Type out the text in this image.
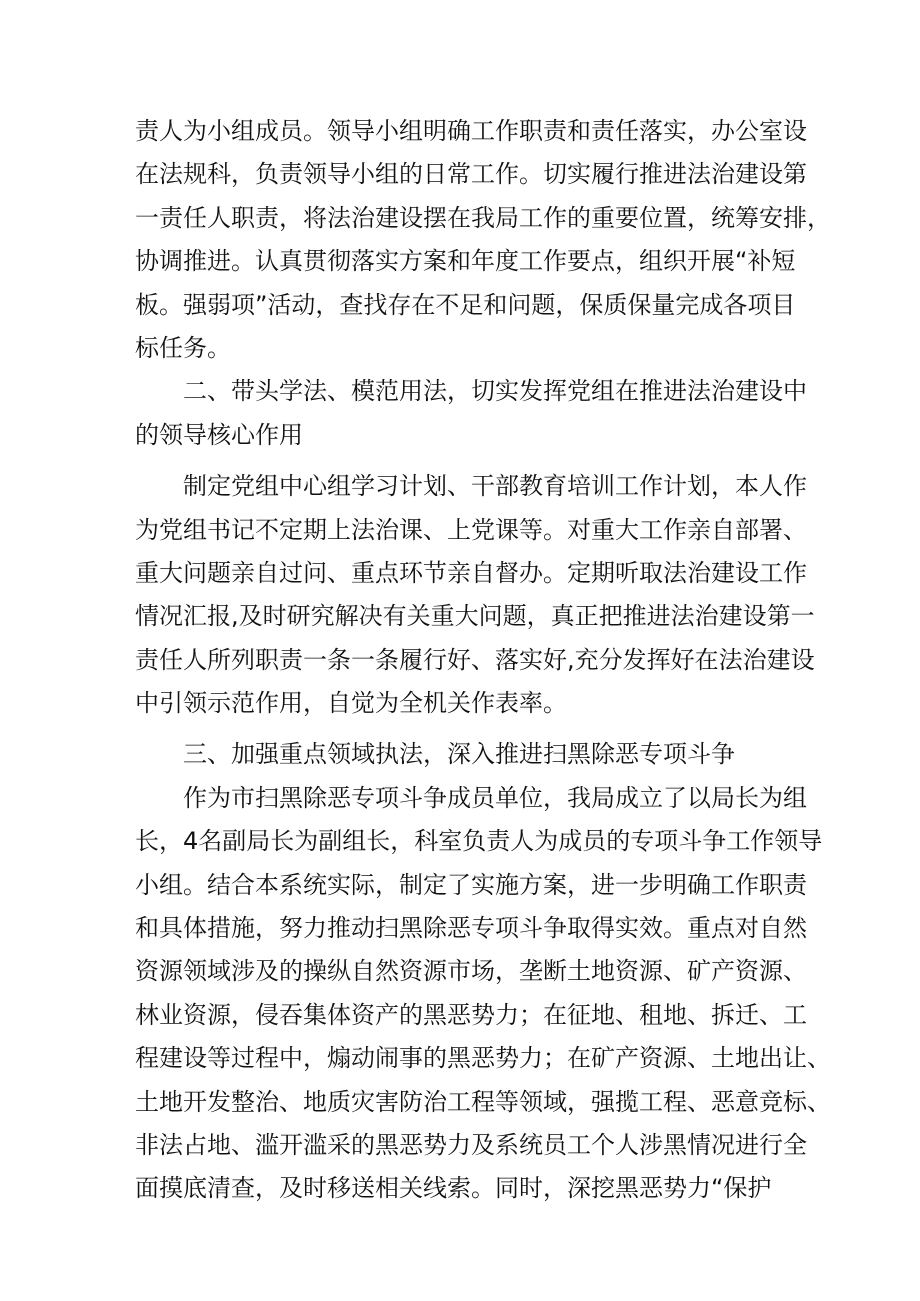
责人为小组成员。领导小组明确工作职责和责任落实，办公室设
在法规科，负责领导小组的日常工作。切实履行推进法治建设第
一责任人职责，将法治建设摆在我局工作的重要位置，统筹安排，
协调推进。认真贯彻落实方案和年度工作要点，组织开展“补短
板。强弱项”活动，查找存在不足和问题，保质保量完成各项目
标任务。
　　二、带头学法、模范用法，切实发挥党组在推进法治建设中
的领导核心作用
　　制定党组中心组学习计划、干部教育培训工作计划，本人作
为党组书记不定期上法治课、上党课等。对重大工作亲自部署、
重大问题亲自过问、重点环节亲自督办。定期听取法治建设工作
情况汇报,及时研究解决有关重大问题，真正把推进法治建设第一
责任人所列职责一条一条履行好、落实好,充分发挥好在法治建设
中引领示范作用，自觉为全机关作表率。
　　三、加强重点领域执法，深入推进扫黑除恶专项斗争
　　作为市扫黑除恶专项斗争成员单位，我局成立了以局长为组
长，4名副局长为副组长，科室负责人为成员的专项斗争工作领导
小组。结合本系统实际，制定了实施方案，进一步明确工作职责
和具体措施，努力推动扫黑除恶专项斗争取得实效。重点对自然
资源领域涉及的操纵自然资源市场，垄断土地资源、矿产资源、
林业资源，侵吞集体资产的黑恶势力；在征地、租地、拆迁、工
程建设等过程中，煽动闹事的黑恶势力；在矿产资源、土地出让、
土地开发整治、地质灾害防治工程等领域，强揽工程、恶意竞标、
非法占地、滥开滥采的黑恶势力及系统员工个人涉黑情况进行全
面摸底清查，及时移送相关线索。同时，深挖黑恶势力“保护
